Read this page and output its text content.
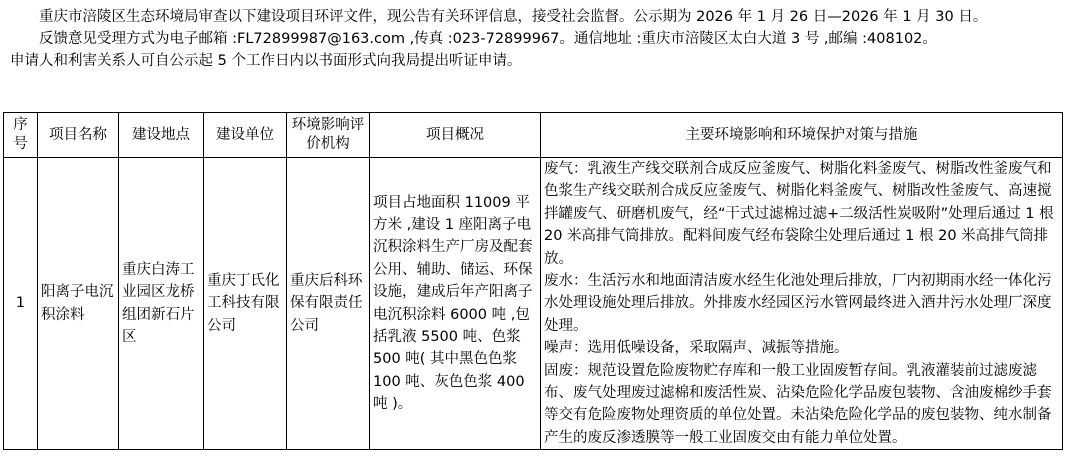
重庆市涪陵区生态环境局审查以下建设项目环评文件，现公告有关环评信息，接受社会监督。公示期为 2026 年 1 月 26 日—2026 年 1 月 30 日。

反馈意见受理方式为电子邮箱 :FL72899987@163.com ,传真 :023-72899967。通信地址 :重庆市涪陵区太白大道 3 号 ,邮编 :408102。

申请人和利害关系人可自公示起 5 个工作日内以书面形式向我局提出听证申请。

序号	项目名称	建设地点	建设单位	环境影响评价机构	项目概况	主要环境影响和环境保护对策与措施
1	阳离子电沉积涂料	重庆白涛工业园区龙桥组团新石片区	重庆丁氏化工科技有限公司	重庆后科环保有限责任公司	项目占地面积 11009 平方米 ,建设 1 座阳离子电沉积涂料生产厂房及配套公用、辅助、储运、环保设施，建成后年产阳离子电沉积涂料 6000 吨 ,包括乳液 5500 吨、色浆 500 吨( 其中黑色色浆 100 吨、灰色色浆 400 吨 )。	废气：乳液生产线交联剂合成反应釜废气、树脂化料釜废气、树脂改性釜废气和色浆生产线交联剂合成反应釜废气、树脂化料釜废气、树脂改性釜废气、高速搅拌罐废气、研磨机废气，经“干式过滤棉过滤+二级活性炭吸附”处理后通过 1 根 20 米高排气筒排放。配料间废气经布袋除尘处理后通过 1 根 20 米高排气筒排放。
废水：生活污水和地面清洁废水经生化池处理后排放，厂内初期雨水经一体化污水处理设施处理后排放。外排废水经园区污水管网最终进入酒井污水处理厂深度处理。
噪声：选用低噪设备，采取隔声、减振等措施。
固废：规范设置危险废物贮存库和一般工业固废暂存间。乳液灌装前过滤废滤布、废气处理废过滤棉和废活性炭、沾染危险化学品废包装物、含油废棉纱手套等交有危险废物处理资质的单位处置。未沾染危险化学品的废包装物、纯水制备产生的废反渗透膜等一般工业固废交由有能力单位处置。
